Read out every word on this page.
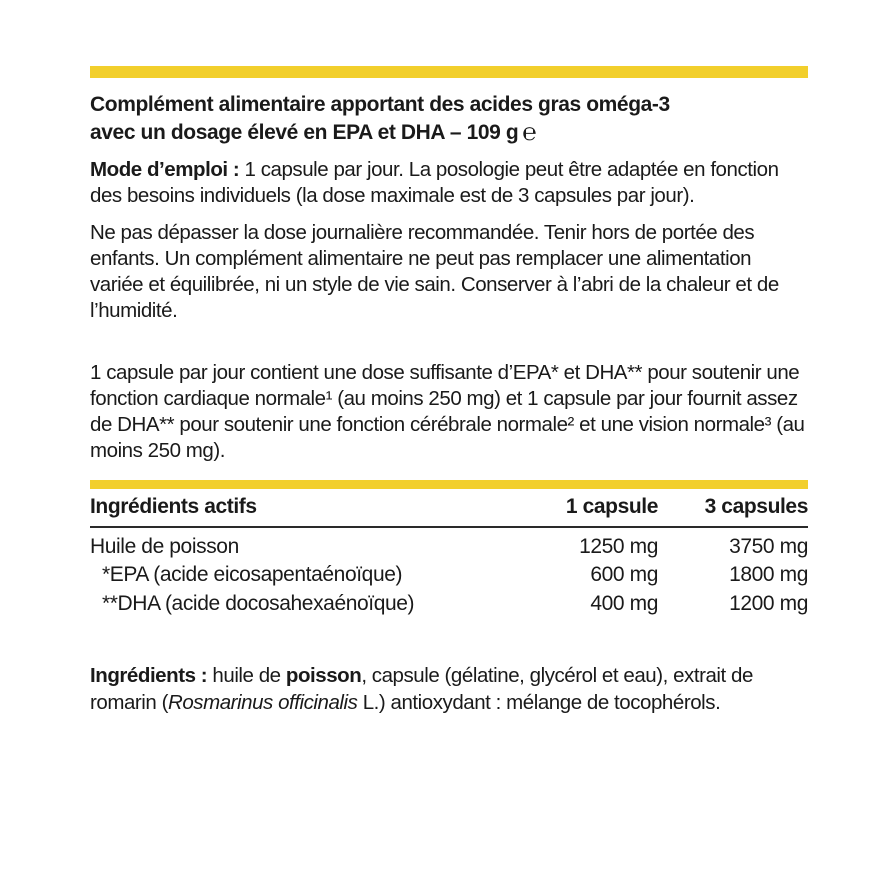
Complément alimentaire apportant des acides gras oméga-3
avec un dosage élevé en EPA et DHA – 109 g ℮

Mode d’emploi : 1 capsule par jour. La posologie peut être adaptée en fonction des besoins individuels (la dose maximale est de 3 capsules par jour).

Ne pas dépasser la dose journalière recommandée. Tenir hors de portée des enfants. Un complément alimentaire ne peut pas remplacer une alimentation variée et équilibrée, ni un style de vie sain. Conserver à l’abri de la chaleur et de l’humidité.

1 capsule par jour contient une dose suffisante d’EPA* et DHA** pour soutenir une fonction cardiaque normale¹ (au moins 250 mg) et 1 capsule par jour fournit assez de DHA** pour soutenir une fonction cérébrale normale² et une vision normale³ (au moins 250 mg).

Ingrédients actifs	1 capsule	3 capsules
Huile de poisson	1250 mg	3750 mg
*EPA (acide eicosapentaénoïque)	600 mg	1800 mg
**DHA (acide docosahexaénoïque)	400 mg	1200 mg

Ingrédients : huile de poisson, capsule (gélatine, glycérol et eau), extrait de romarin (Rosmarinus officinalis L.) antioxydant : mélange de tocophérols.
